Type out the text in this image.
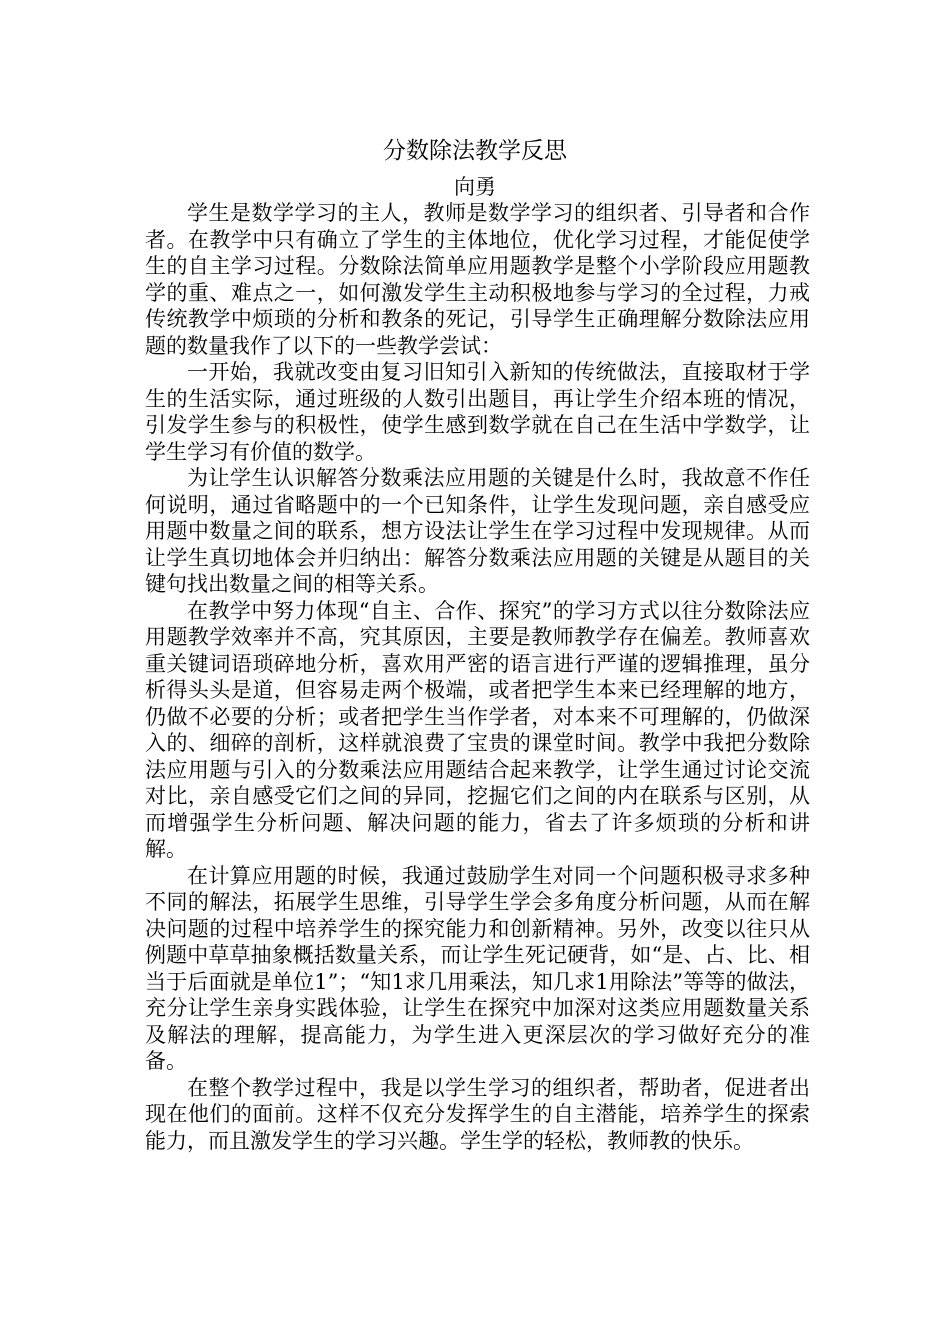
分数除法教学反思
向勇

学生是数学学习的主人，教师是数学学习的组织者、引导者和合作者。在教学中只有确立了学生的主体地位，优化学习过程，才能促使学生的自主学习过程。分数除法简单应用题教学是整个小学阶段应用题教学的重、难点之一，如何激发学生主动积极地参与学习的全过程，力戒传统教学中烦琐的分析和教条的死记，引导学生正确理解分数除法应用题的数量我作了以下的一些教学尝试：

一开始，我就改变由复习旧知引入新知的传统做法，直接取材于学生的生活实际，通过班级的人数引出题目，再让学生介绍本班的情况，引发学生参与的积极性，使学生感到数学就在自己在生活中学数学，让学生学习有价值的数学。

为让学生认识解答分数乘法应用题的关键是什么时，我故意不作任何说明，通过省略题中的一个已知条件，让学生发现问题，亲自感受应用题中数量之间的联系，想方设法让学生在学习过程中发现规律。从而让学生真切地体会并归纳出：解答分数乘法应用题的关键是从题目的关键句找出数量之间的相等关系。

在教学中努力体现“自主、合作、探究”的学习方式以往分数除法应用题教学效率并不高，究其原因，主要是教师教学存在偏差。教师喜欢重关键词语琐碎地分析，喜欢用严密的语言进行严谨的逻辑推理，虽分析得头头是道，但容易走两个极端，或者把学生本来已经理解的地方，仍做不必要的分析；或者把学生当作学者，对本来不可理解的，仍做深入的、细碎的剖析，这样就浪费了宝贵的课堂时间。教学中我把分数除法应用题与引入的分数乘法应用题结合起来教学，让学生通过讨论交流对比，亲自感受它们之间的异同，挖掘它们之间的内在联系与区别，从而增强学生分析问题、解决问题的能力，省去了许多烦琐的分析和讲解。

在计算应用题的时候，我通过鼓励学生对同一个问题积极寻求多种不同的解法，拓展学生思维，引导学生学会多角度分析问题，从而在解决问题的过程中培养学生的探究能力和创新精神。另外，改变以往只从例题中草草抽象概括数量关系，而让学生死记硬背，如“是、占、比、相当于后面就是单位1”；“知1求几用乘法，知几求1用除法”等等的做法，充分让学生亲身实践体验，让学生在探究中加深对这类应用题数量关系及解法的理解，提高能力，为学生进入更深层次的学习做好充分的准备。

在整个教学过程中，我是以学生学习的组织者，帮助者，促进者出现在他们的面前。这样不仅充分发挥学生的自主潜能，培养学生的探索能力，而且激发学生的学习兴趣。学生学的轻松，教师教的快乐。
